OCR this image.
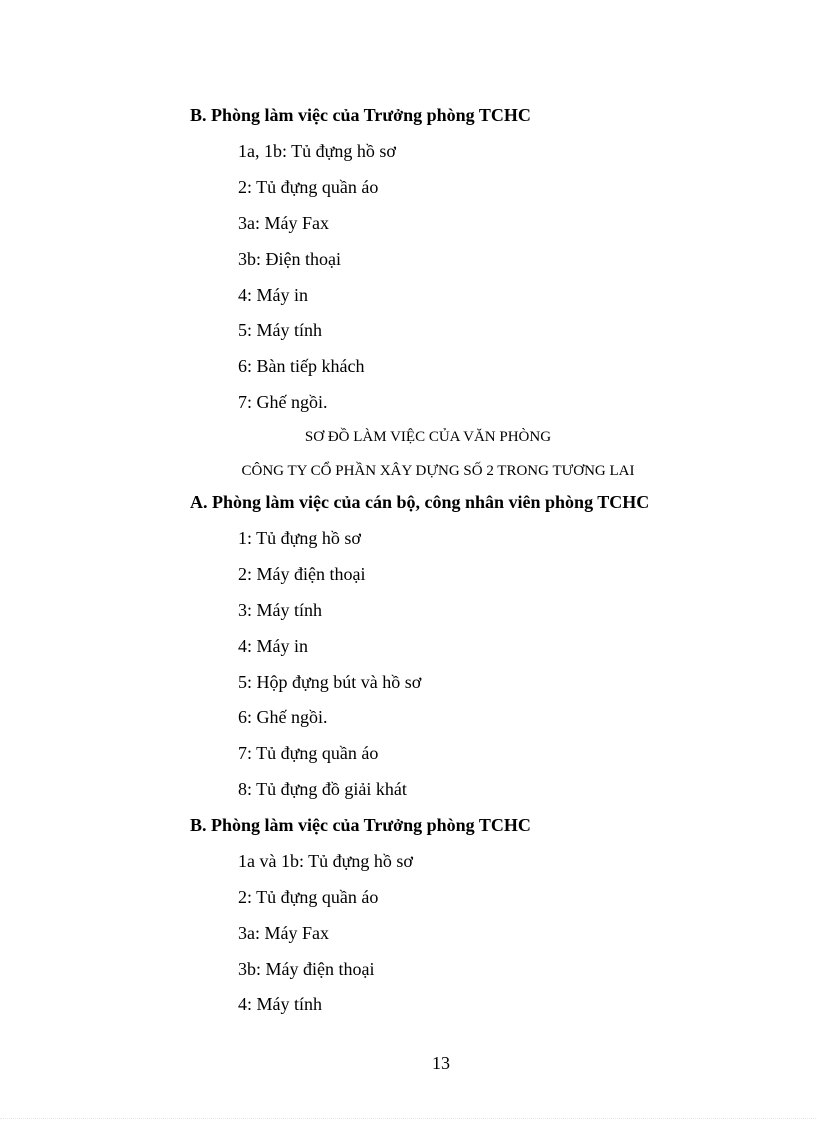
B. Phòng làm việc của Trưởng phòng TCHC
1a, 1b: Tủ đựng hồ sơ
2: Tủ đựng quần áo
3a: Máy Fax
3b: Điện thoại
4: Máy in
5: Máy tính
6: Bàn tiếp khách
7: Ghế ngồi.
SƠ ĐỒ LÀM VIỆC CỦA VĂN PHÒNG
CÔNG TY CỔ PHẦN XÂY DỰNG SỐ 2 TRONG TƯƠNG LAI
A. Phòng làm việc của cán bộ, công nhân viên phòng TCHC
1: Tủ đựng hồ sơ
2: Máy điện thoại
3: Máy tính
4: Máy in
5: Hộp đựng bút và hồ sơ
6: Ghế ngồi.
7: Tủ đựng quần áo
8: Tủ đựng đồ giải khát
B. Phòng làm việc của Trưởng phòng TCHC
1a và 1b: Tủ đựng hồ sơ
2: Tủ đựng quần áo
3a: Máy Fax
3b: Máy điện thoại
4: Máy tính
13
